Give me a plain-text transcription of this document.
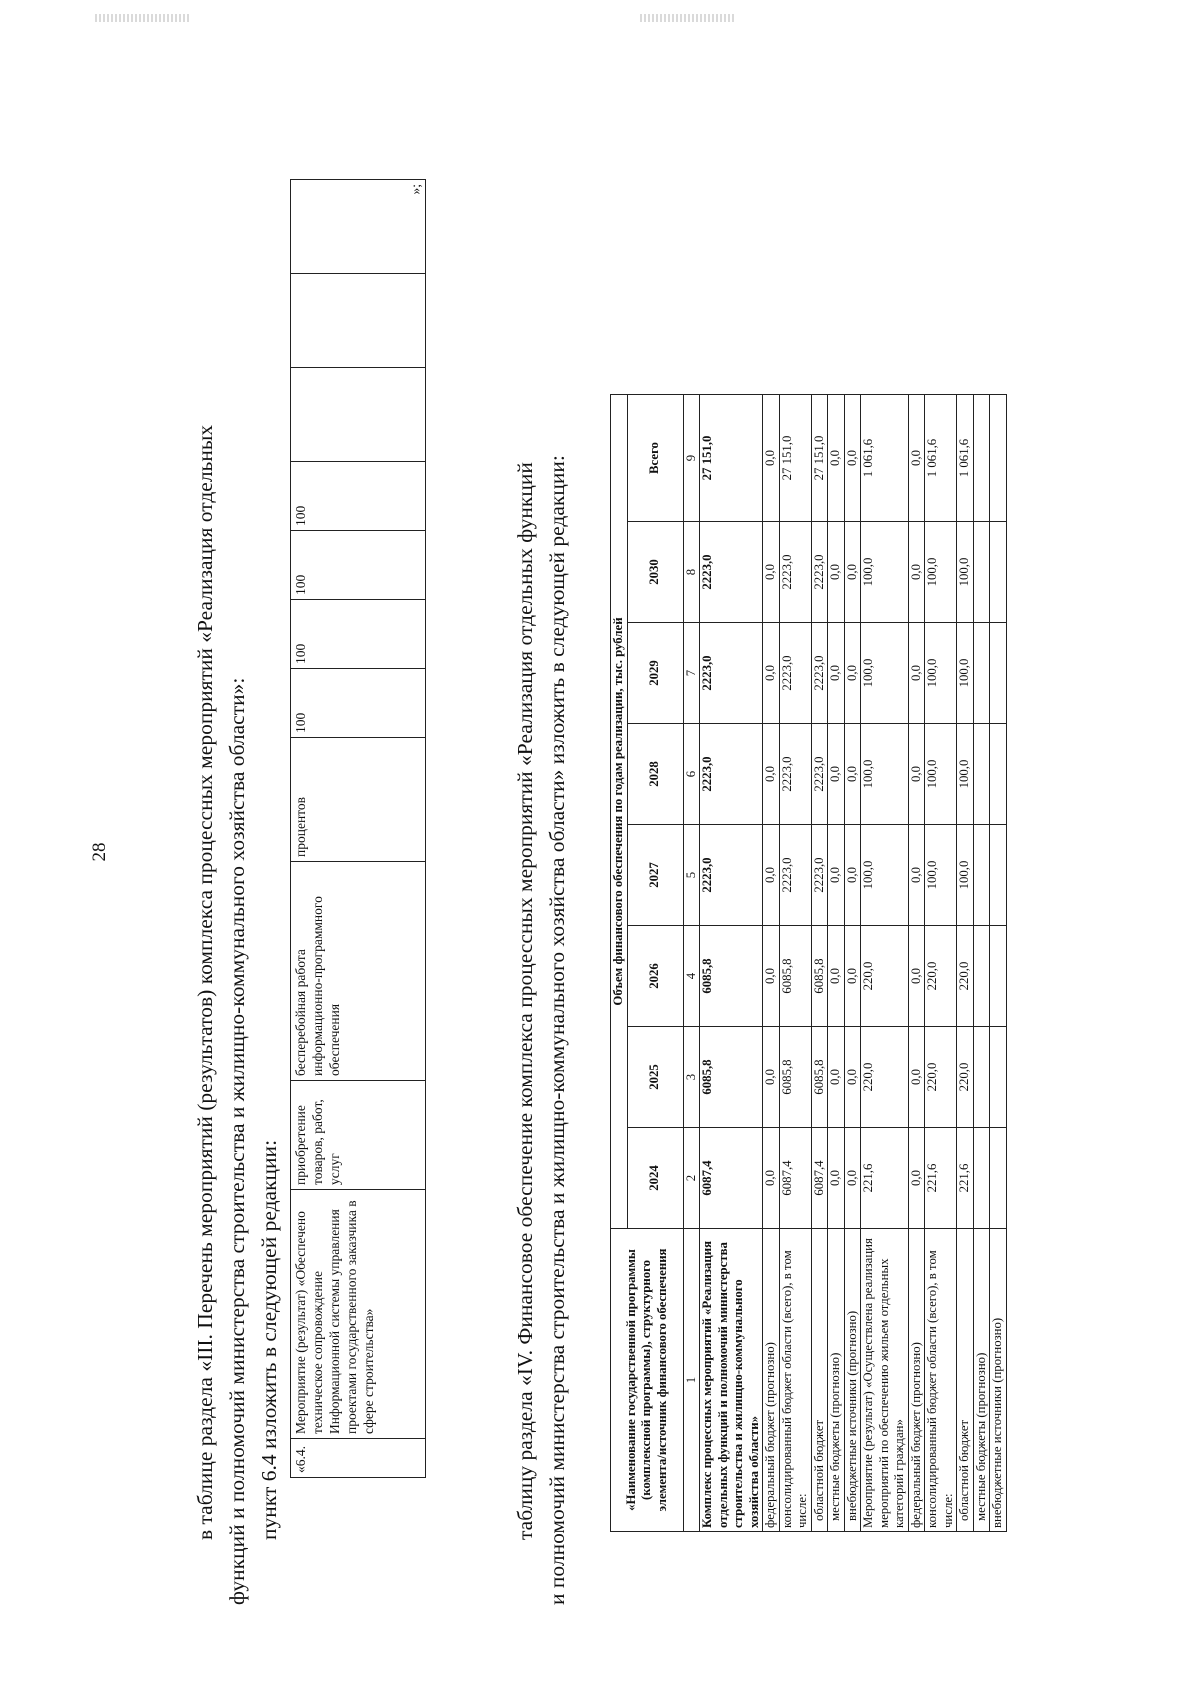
28	в таблице раздела «III. Перечень мероприятий (результатов) комплекса процессных мероприятий «Реализация отдельных функций и полномочий министерства строительства и жилищно-коммунального хозяйства области»: пункт 6.4 изложить в следующей редакции: «6.4.	Мероприятие (результат) «Обеспечено техническое сопровождение Информационной системы управления проектами государственного заказчика в сфере строительства»	приобретение товаров, работ, услуг	бесперебойная работа информационно-программного обеспечения	процентов	100	100	100	100			»;

таблицу раздела «IV. Финансовое обеспечение комплекса процессных мероприятий «Реализация отдельных функций и полномочий министерства строительства и жилищно-коммунального хозяйства области» изложить в следующей редакции:	«Наименование государственной программы (комплексной программы), структурного элемента/источник финансового обеспечения	Объем финансового обеспечения по годам реализации, тыс. рублей							
	2024	2025	2026	2027	2028	2029	2030	Всего
1	2	3	4	5	6	7	8	9
Комплекс процессных мероприятий «Реализация отдельных функций и полномочий министерства строительства и жилищно-коммунального хозяйства области»	6087,4	6085,8	6085,8	2223,0	2223,0	2223,0	2223,0	27 151,0
федеральный бюджет (прогнозно)	0,0	0,0	0,0	0,0	0,0	0,0	0,0	0,0
консолидированный бюджет области (всего), в том числе:	6087,4	6085,8	6085,8	2223,0	2223,0	2223,0	2223,0	27 151,0
областной бюджет	6087,4	6085,8	6085,8	2223,0	2223,0	2223,0	2223,0	27 151,0
местные бюджеты (прогнозно)	0,0	0,0	0,0	0,0	0,0	0,0	0,0	0,0
внебюджетные источники (прогнозно)	0,0	0,0	0,0	0,0	0,0	0,0	0,0	0,0
Мероприятие (результат) «Осуществлена реализация мероприятий по обеспечению жильем отдельных категорий граждан»	221,6	220,0	220,0	100,0	100,0	100,0	100,0	1 061,6
федеральный бюджет (прогнозно)	0,0	0,0	0,0	0,0	0,0	0,0	0,0	0,0
консолидированный бюджет области (всего), в том числе:	221,6	220,0	220,0	100,0	100,0	100,0	100,0	1 061,6
областной бюджет	221,6	220,0	220,0	100,0	100,0	100,0	100,0	1 061,6
местные бюджеты (прогнозно)								
внебюджетные источники (прогнозно)								
